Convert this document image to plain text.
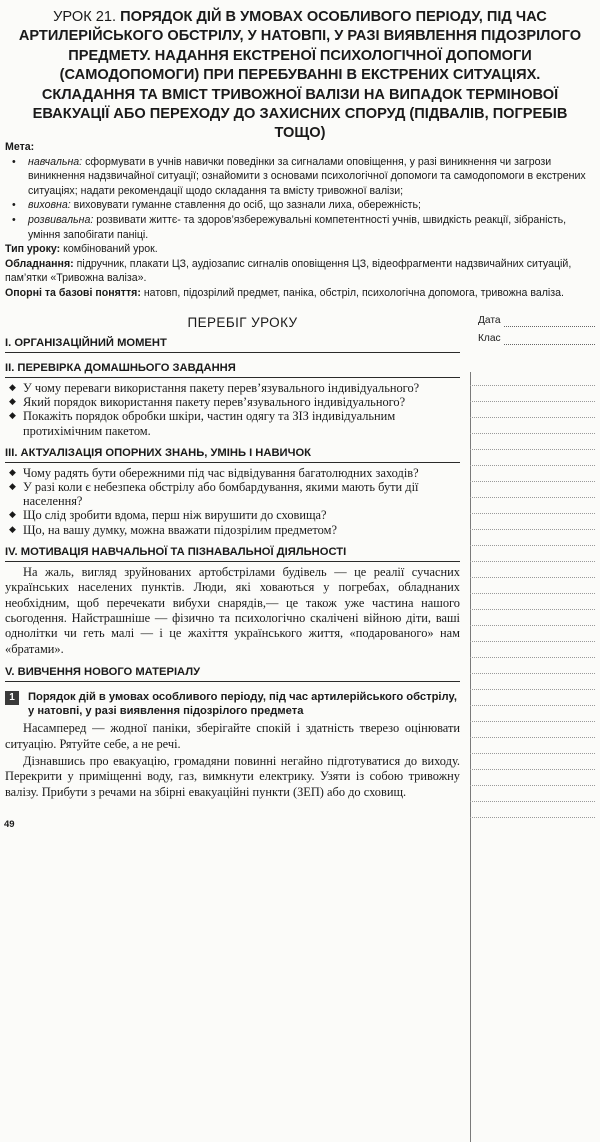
УРОК 21. ПОРЯДОК ДІЙ В УМОВАХ ОСОБЛИВОГО ПЕРІОДУ, ПІД ЧАС АРТИЛЕРІЙСЬКОГО ОБСТРІЛУ, У НАТОВПІ, У РАЗІ ВИЯВЛЕННЯ ПІДОЗРІЛОГО ПРЕДМЕТУ. НАДАННЯ ЕКСТРЕНОЇ ПСИХОЛОГІЧНОЇ ДОПОМОГИ (САМОДОПОМОГИ) ПРИ ПЕРЕБУВАННІ В ЕКСТРЕНИХ СИТУАЦІЯХ. СКЛАДАННЯ ТА ВМІСТ ТРИВОЖНОЇ ВАЛІЗИ НА ВИПАДОК ТЕРМІНОВОЇ ЕВАКУАЦІЇ АБО ПЕРЕХОДУ ДО ЗАХИСНИХ СПОРУД (ПІДВАЛІВ, ПОГРЕБІВ ТОЩО)

Мета:

• навчальна: сформувати в учнів навички поведінки за сигналами оповіщення, у разі виникнення чи загрози виникнення надзвичайної ситуації; ознайомити з основами психологічної допомоги та самодопомоги в екстрених ситуаціях; надати рекомендації щодо складання та вмісту тривожної валізи;
• виховна: виховувати гуманне ставлення до осіб, що зазнали лиха, обережність;
• розвивальна: розвивати життє- та здоров’язбережувальні компетентності учнів, швидкість реакції, зібраність, уміння запобігати паніці.

Тип уроку: комбінований урок.

Обладнання: підручник, плакати ЦЗ, аудіозапис сигналів оповіщення ЦЗ, відеофрагменти надзвичайних ситуацій, пам’ятки «Тривожна валіза».

Опорні та базові поняття: натовп, підозрілий предмет, паніка, обстріл, психологічна допомога, тривожна валіза.

ПЕРЕБІГ УРОКУ

I. ОРГАНІЗАЦІЙНИЙ МОМЕНТ

II. ПЕРЕВІРКА ДОМАШНЬОГО ЗАВДАННЯ

◆ У чому переваги використання пакету перев’язувального індивідуального?
◆ Який порядок використання пакету перев’язувального індивідуального?
◆ Покажіть порядок обробки шкіри, частин одягу та ЗІЗ індивідуальним протихімічним пакетом.

III. АКТУАЛІЗАЦІЯ ОПОРНИХ ЗНАНЬ, УМІНЬ І НАВИЧОК

◆ Чому радять бути обережними під час відвідування багатолюдних заходів?
◆ У разі коли є небезпека обстрілу або бомбардування, якими мають бути дії населення?
◆ Що слід зробити вдома, перш ніж вирушити до сховища?
◆ Що, на вашу думку, можна вважати підозрілим предметом?

IV. МОТИВАЦІЯ НАВЧАЛЬНОЇ ТА ПІЗНАВАЛЬНОЇ ДІЯЛЬНОСТІ

На жаль, вигляд зруйнованих артобстрілами будівель — це реалії сучасних українських населених пунктів. Люди, які ховаються у погребах, обладнаних необхідним, щоб перечекати вибухи снарядів,— це також уже частина нашого сьогодення. Найстрашніше — фізично та психологічно скалічені війною діти, ваші однолітки чи геть малі — і це жахіття українського життя, «подарованого» нам «братами».

V. ВИВЧЕННЯ НОВОГО МАТЕРІАЛУ

1	Порядок дій в умовах особливого періоду, під час артилерійського обстрілу, у натовпі, у разі виявлення підозрілого предмета

Насамперед — жодної паніки, зберігайте спокій і здатність тверезо оцінювати ситуацію. Рятуйте себе, а не речі.

Дізнавшись про евакуацію, громадяни повинні негайно підготуватися до виходу. Перекрити у приміщенні воду, газ, вимкнути електрику. Узяти із собою тривожну валізу. Прибути з речами на збірні евакуаційні пункти (ЗЕП) або до сховищ.

Дата
Клас
49
